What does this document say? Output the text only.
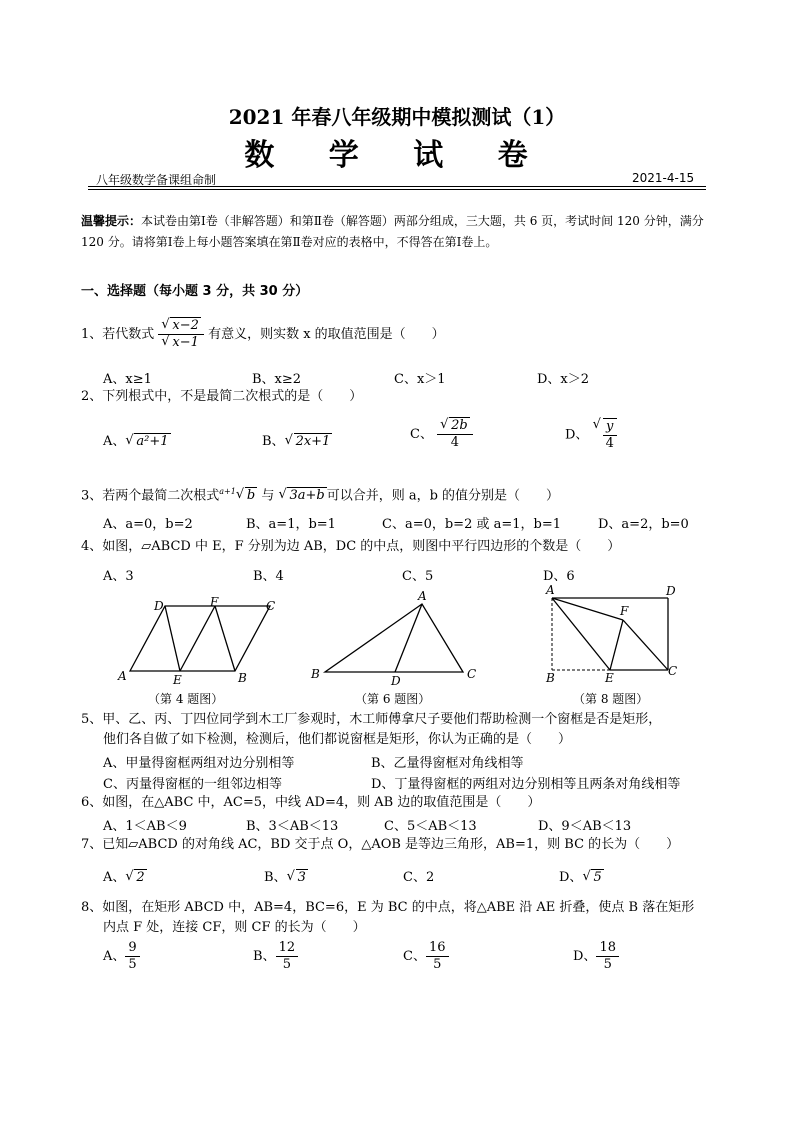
2021 年春八年级期中模拟测试（1）
数 学 试 卷
八年级数学备课组命制	2021-4-15
温馨提示：本试卷由第Ⅰ卷（非解答题）和第Ⅱ卷（解答题）两部分组成，三大题，共 6 页，考试时间 120 分钟，满分 120 分。请将第Ⅰ卷上每小题答案填在第Ⅱ卷对应的表格中，不得答在第Ⅰ卷上。
一、选择题（每小题 3 分，共 30 分）
1、若代数式 √ x−2
√ x−1 有意义，则实数 x 的取值范围是（　　）
A、x≥1	B、x≥2	C、x＞1	D、x＞2
2、下列根式中，不是最简二次根式的是（　　）
A、 √ a²+1	B、 √ 2x+1	C、 √ $\frac{2b}{4}$	D、 √ $\frac{y}{4}$
3、若两个最简二次根式$^{a+1}$ √ b 与 √ 3a+b 可以合并，则 a，b 的值分别是（　　）
A、a=0，b=2	B、a=1，b=1	C、a=0，b=2 或 a=1，b=1	D、a=2，b=0
4、如图，▱ABCD 中 E，F 分别为边 AB，DC 的中点，则图中平行四边形的个数是（　　）
A、3	B、4	C、5	D、6
D	F	C
A	E	B
（第 4 题图）
A
B	D	C
（第 6 题图）
A	D
F
B	E	C
（第 8 题图）
5、甲、乙、丙、丁四位同学到木工厂参观时，木工师傅拿尺子要他们帮助检测一个窗框是否是矩形，
他们各自做了如下检测，检测后，他们都说窗框是矩形，你认为正确的是（　　）
A、甲量得窗框两组对边分别相等	B、乙量得窗框对角线相等
C、丙量得窗框的一组邻边相等	D、丁量得窗框的两组对边分别相等且两条对角线相等
6、如图，在△ABC 中，AC=5，中线 AD=4，则 AB 边的取值范围是（　　）
A、1＜AB＜9	B、3＜AB＜13	C、5＜AB＜13	D、9＜AB＜13
7、已知▱ABCD 的对角线 AC，BD 交于点 O，△AOB 是等边三角形，AB=1，则 BC 的长为（　　）
A、 √ 2	B、 √ 3	C、2	D、 √ 5
8、如图，在矩形 ABCD 中，AB=4，BC=6，E 为 BC 的中点，将△ABE 沿 AE 折叠，使点 B 落在矩形
内点 F 处，连接 CF，则 CF 的长为（　　）
A、 $\frac{9}{5}$	B、 $\frac{12}{5}$	C、 $\frac{16}{5}$	D、 $\frac{18}{5}$
